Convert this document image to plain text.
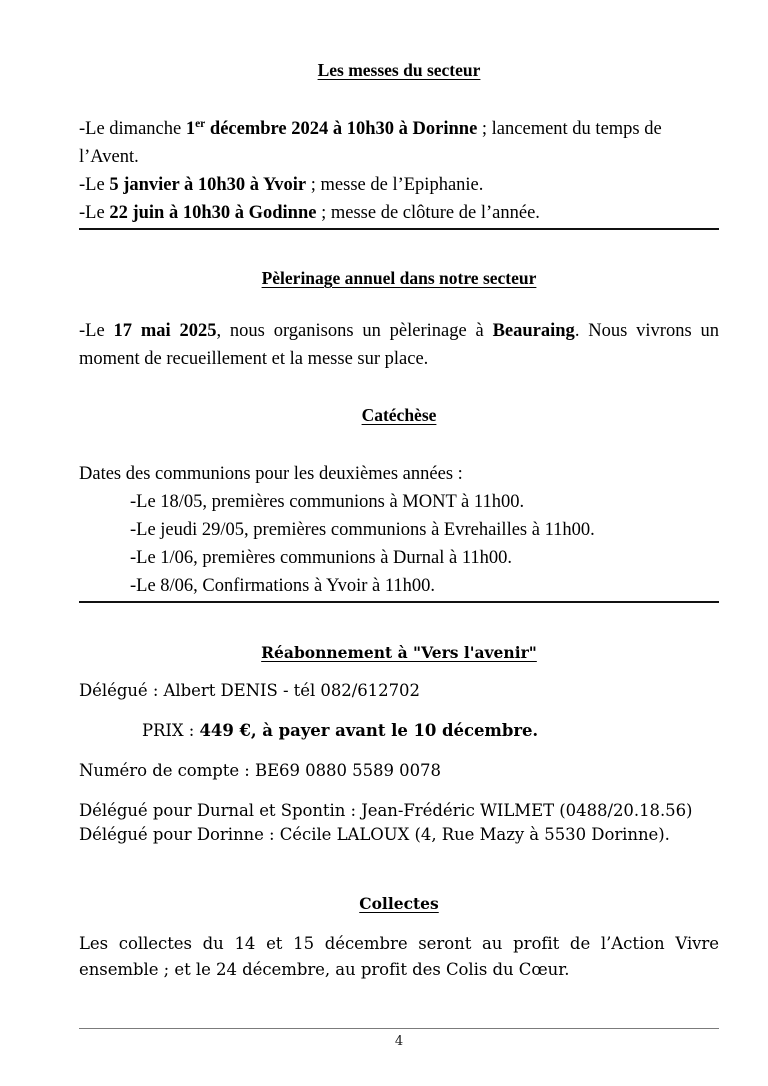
Les messes du secteur
-Le dimanche 1er décembre 2024 à 10h30 à Dorinne ; lancement du temps de l’Avent.
-Le 5 janvier à 10h30 à Yvoir ; messe de l’Epiphanie.
-Le 22 juin à 10h30 à Godinne ; messe de clôture de l’année.
Pèlerinage annuel dans notre secteur
-Le 17 mai 2025, nous organisons un pèlerinage à Beauraing. Nous vivrons un moment de recueillement et la messe sur place.
Catéchèse
Dates des communions pour les deuxièmes années :
-Le 18/05, premières communions à MONT à 11h00.
-Le jeudi 29/05, premières communions à Evrehailles à 11h00.
-Le 1/06, premières communions à Durnal à 11h00.
-Le 8/06, Confirmations à Yvoir à 11h00.
Réabonnement à "Vers l'avenir"
Délégué : Albert DENIS - tél 082/612702
PRIX : 449 €, à payer avant le 10 décembre.
Numéro de compte : BE69 0880 5589 0078
Délégué pour Durnal et Spontin : Jean-Frédéric WILMET (0488/20.18.56)
Délégué pour Dorinne : Cécile LALOUX (4, Rue Mazy à 5530 Dorinne).
Collectes
Les collectes du 14 et 15 décembre seront au profit de l’Action Vivre ensemble ; et le 24 décembre, au profit des Colis du Cœur.
4
